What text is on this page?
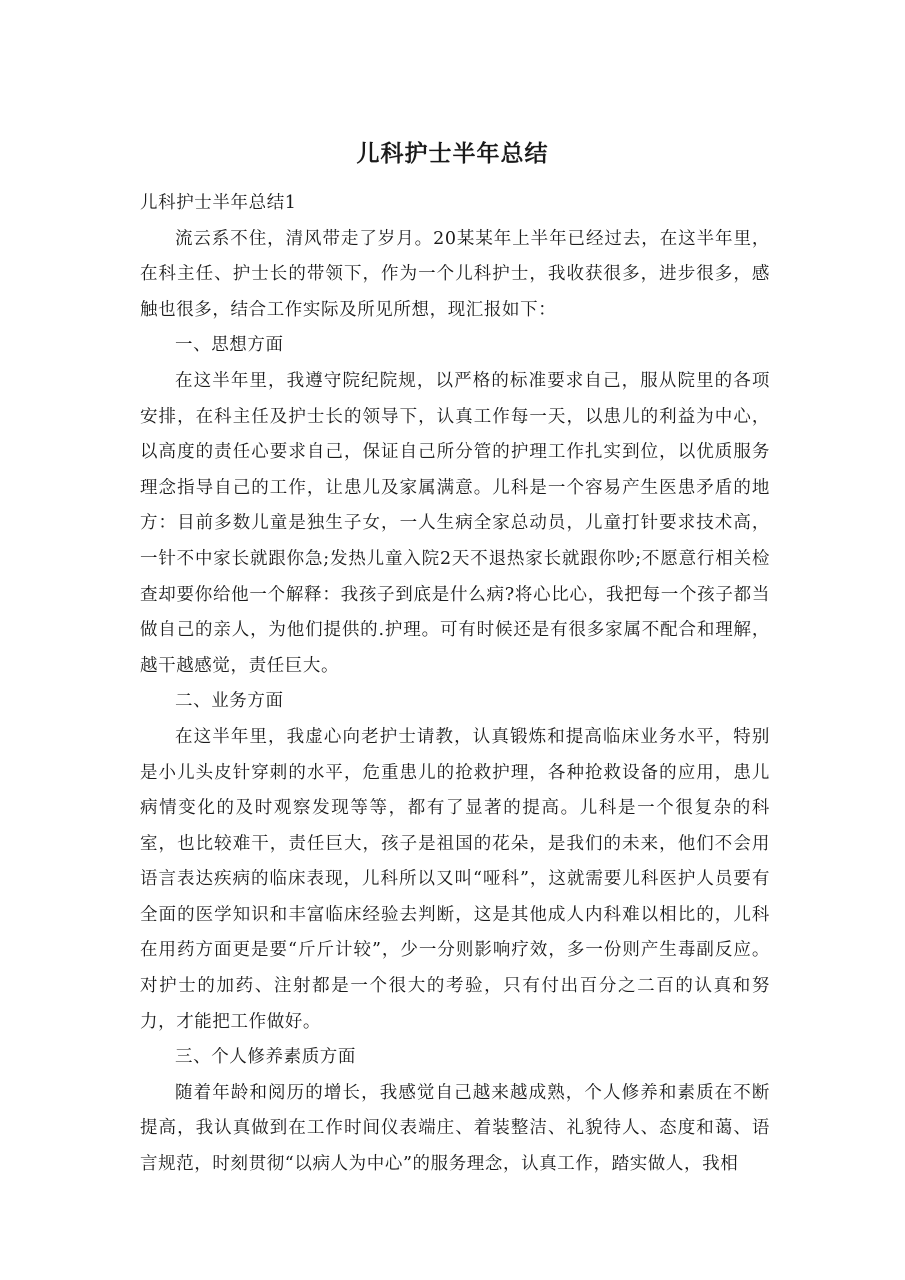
儿科护士半年总结

儿科护士半年总结1

流云系不住，清风带走了岁月。20某某年上半年已经过去，在这半年里，在科主任、护士长的带领下，作为一个儿科护士，我收获很多，进步很多，感触也很多，结合工作实际及所见所想，现汇报如下：

一、思想方面

在这半年里，我遵守院纪院规，以严格的标准要求自己，服从院里的各项安排，在科主任及护士长的领导下，认真工作每一天，以患儿的利益为中心，以高度的责任心要求自己，保证自己所分管的护理工作扎实到位，以优质服务理念指导自己的工作，让患儿及家属满意。儿科是一个容易产生医患矛盾的地方：目前多数儿童是独生子女，一人生病全家总动员，儿童打针要求技术高，一针不中家长就跟你急;发热儿童入院2天不退热家长就跟你吵;不愿意行相关检查却要你给他一个解释：我孩子到底是什么病?将心比心，我把每一个孩子都当做自己的亲人，为他们提供的.护理。可有时候还是有很多家属不配合和理解，越干越感觉，责任巨大。

二、业务方面

在这半年里，我虚心向老护士请教，认真锻炼和提高临床业务水平，特别是小儿头皮针穿刺的水平，危重患儿的抢救护理，各种抢救设备的应用，患儿病情变化的及时观察发现等等，都有了显著的提高。儿科是一个很复杂的科室，也比较难干，责任巨大，孩子是祖国的花朵，是我们的未来，他们不会用语言表达疾病的临床表现，儿科所以又叫“哑科”，这就需要儿科医护人员要有全面的医学知识和丰富临床经验去判断，这是其他成人内科难以相比的，儿科在用药方面更是要“斤斤计较”，少一分则影响疗效，多一份则产生毒副反应。对护士的加药、注射都是一个很大的考验，只有付出百分之二百的认真和努力，才能把工作做好。

三、个人修养素质方面

随着年龄和阅历的增长，我感觉自己越来越成熟，个人修养和素质在不断提高，我认真做到在工作时间仪表端庄、着装整洁、礼貌待人、态度和蔼、语言规范，时刻贯彻“以病人为中心”的服务理念，认真工作，踏实做人，我相
